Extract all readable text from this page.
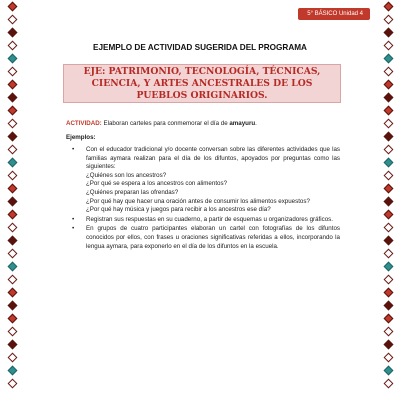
5° BÁSICO Unidad 4
EJEMPLO DE ACTIVIDAD SUGERIDA DEL PROGRAMA
EJE: PATRIMONIO, TECNOLOGÍA, TÉCNICAS, CIENCIA, Y ARTES ANCESTRALES DE LOS PUEBLOS ORIGINARIOS.
ACTIVIDAD: Elaboran carteles para conmemorar el día de amayuru.
Ejemplos:
• Con el educador tradicional y/o docente conversan sobre las diferentes actividades que las familias aymara realizan para el día de los difuntos, apoyados por preguntas como las siguientes:
¿Quiénes son los ancestros?
¿Por qué se espera a los ancestros con alimentos?
¿Quiénes preparan las ofrendas?
¿Por qué hay que hacer una oración antes de consumir los alimentos expuestos?
¿Por qué hay música y juegos para recibir a los ancestros ese día?
• Registran sus respuestas en su cuaderno, a partir de esquemas u organizadores gráficos.
• En grupos de cuatro participantes elaboran un cartel con fotografías de los difuntos conocidos por ellos, con frases u oraciones significativas referidas a ellos, incorporando la lengua aymara, para exponerlo en el día de los difuntos en la escuela.
